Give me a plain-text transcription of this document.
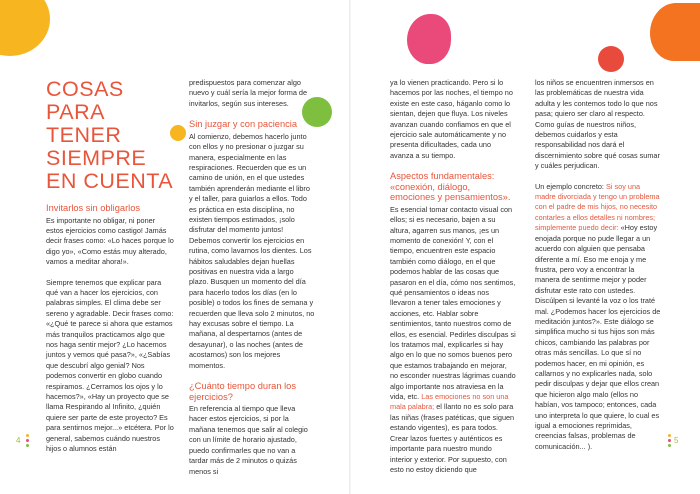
COSAS PARA TENER SIEMPRE EN CUENTA
Invitarlos sin obligarlos

Es importante no obligar, ni poner estos ejercicios como castigo! Jamás decir frases como: «Lo haces porque lo digo yo», «Como estás muy alterado, vamos a meditar ahora!».

Siempre tenemos que explicar para qué van a hacer los ejercicios, con palabras simples. El clima debe ser sereno y agradable. Decir frases como: «¿Qué te parece si ahora que estamos más tranquilos practicamos algo que nos haga sentir mejor? ¿Lo hacemos juntos y vemos qué pasa?», «¿Sabías que descubrí algo genial? Nos podemos convertir en globo cuando respiramos. ¿Cerramos los ojos y lo hacemos?», «Hay un proyecto que se llama Respirando al Infinito, ¿quién quiere ser parte de este proyecto? Es para sentirnos mejor...» etcétera. Por lo general, sabemos cuándo nuestros hijos o alumnos están

predispuestos para comenzar algo nuevo y cuál sería la mejor forma de invitarlos, según sus intereses.

Sin juzgar y con paciencia

Al comienzo, debemos hacerlo junto con ellos y no presionar o juzgar su manera, especialmente en las respiraciones. Recuerden que es un camino de unión, en el que ustedes también aprenderán mediante el libro y el taller, para guiarlos a ellos. Todo es práctica en esta disciplina, no existen tiempos estimados, ¡solo disfrutar del momento juntos!

Debemos convertir los ejercicios en rutina, como lavarnos los dientes. Los hábitos saludables dejan huellas positivas en nuestra vida a largo plazo. Busquen un momento del día para hacerlo todos los días (en lo posible) o todos los fines de semana y recuerden que lleva solo 2 minutos, no hay excusas sobre el tiempo. La mañana, al despertarnos (antes de desayunar), o las noches (antes de acostarnos) son los mejores momentos.

¿Cuánto tiempo duran los ejercicios?

En referencia al tiempo que lleva hacer estos ejercicios, si por la mañana tenemos que salir al colegio con un límite de horario ajustado, puedo confirmarles que no van a tardar más de 2 minutos o quizás menos si

ya lo vienen practicando. Pero si lo hacemos por las noches, el tiempo no existe en este caso, háganlo como lo sientan, dejen que fluya. Los niveles avanzan cuando confiamos en que el ejercicio sale automáticamente y no presenta dificultades, cada uno avanza a su tiempo.

Aspectos fundamentales: «conexión, diálogo, emociones y pensamientos».

Es esencial tomar contacto visual con ellos; si es necesario, bajen a su altura, agarren sus manos, ¡es un momento de conexión! Y, con el tiempo, encuentren este espacio también como diálogo, en el que podemos hablar de las cosas que pasaron en el día, cómo nos sentimos, qué pensamientos o ideas nos llevaron a tener tales emociones y acciones, etc. Hablar sobre sentimientos, tanto nuestros como de ellos, es esencial. Pedirles disculpas si los tratamos mal, explicarles si hay algo en lo que no somos buenos pero que estamos trabajando en mejorar, no esconder nuestras lágrimas cuando algo importante nos atraviesa en la vida, etc. Las emociones no son una mala palabra; el llanto no es solo para las niñas (frases patéticas, que siguen estando vigentes), es para todos. Crear lazos fuertes y auténticos es importante para nuestro mundo interior y exterior. Por supuesto, con esto no estoy diciendo que

los niños se encuentren inmersos en las problemáticas de nuestra vida adulta y les contemos todo lo que nos pasa; quiero ser claro al respecto. Como guías de nuestros niños, debemos cuidarlos y esta responsabilidad nos dará el discernimiento sobre qué cosas sumar y cuáles perjudican.

Un ejemplo concreto: Si soy una madre divorciada y tengo un problema con el padre de mis hijos, no necesito contarles a ellos detalles ni nombres; simplemente puedo decir: «Hoy estoy enojada porque no pude llegar a un acuerdo con alguien que pensaba diferente a mí. Eso me enoja y me frustra, pero voy a encontrar la manera de sentirme mejor y poder disfrutar este rato con ustedes. Discúlpen si levanté la voz o los traté mal. ¿Podemos hacer los ejercicios de meditación juntos?». Este diálogo se simplifica mucho si tus hijos son más chicos, cambiando las palabras por otras más sencillas. Lo que sí no podemos hacer, en mi opinión, es callarnos y no explicarles nada, solo pedir disculpas y dejar que ellos crean que hicieron algo malo (ellos no habían, vos tampoco; entonces, cada uno interpreta lo que quiere, lo cual es igual a emociones reprimidas, creencias falsas, problemas de comunicación... ).

4	5
